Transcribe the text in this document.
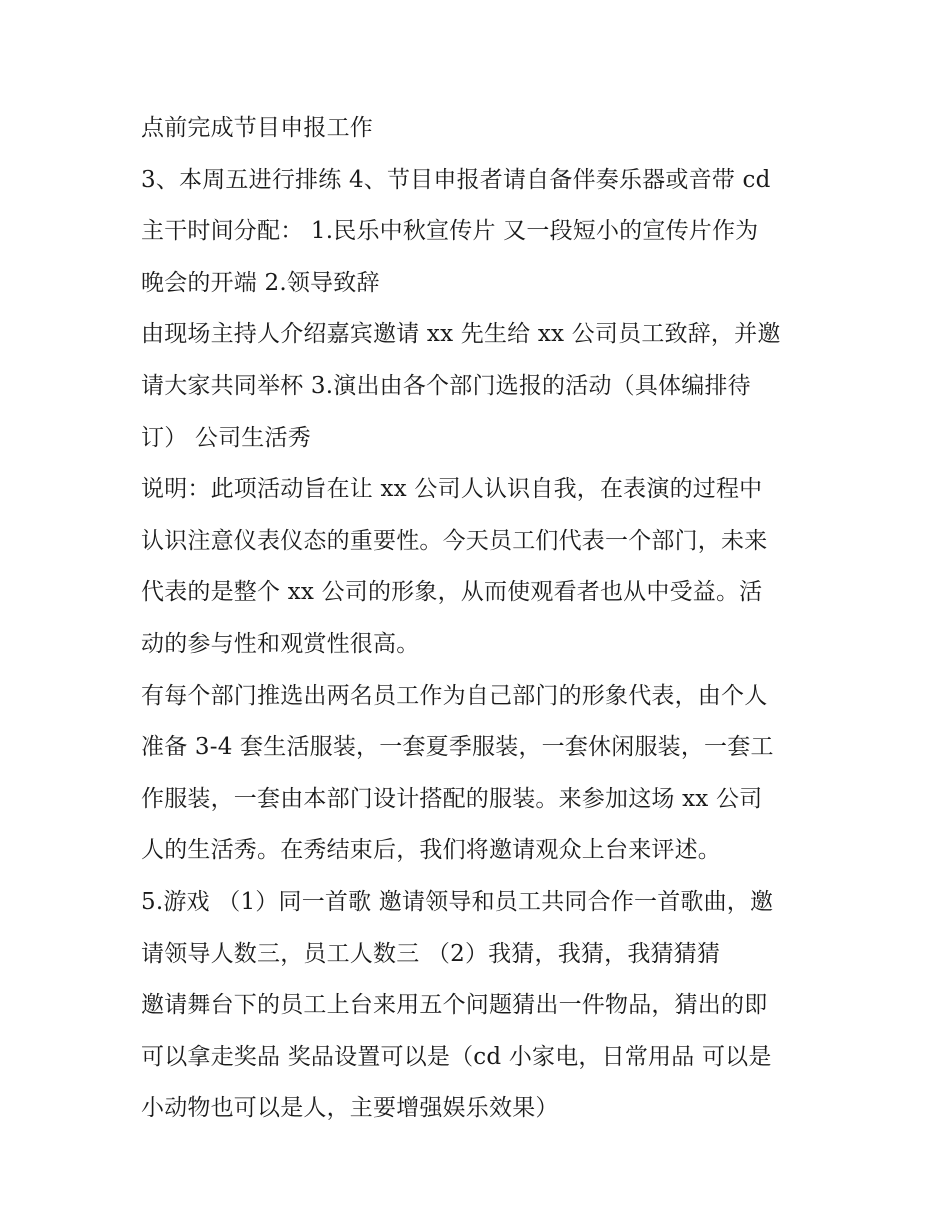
点前完成节目申报工作
3、本周五进行排练 4、节目申报者请自备伴奏乐器或音带 cd
主干时间分配： 1.民乐中秋宣传片 又一段短小的宣传片作为
晚会的开端 2.领导致辞
由现场主持人介绍嘉宾邀请 xx 先生给 xx 公司员工致辞，并邀
请大家共同举杯 3.演出由各个部门选报的活动（具体编排待
订） 公司生活秀
说明：此项活动旨在让 xx 公司人认识自我，在表演的过程中
认识注意仪表仪态的重要性。今天员工们代表一个部门，未来
代表的是整个 xx 公司的形象，从而使观看者也从中受益。活
动的参与性和观赏性很高。
有每个部门推选出两名员工作为自己部门的形象代表，由个人
准备 3-4 套生活服装，一套夏季服装，一套休闲服装，一套工
作服装，一套由本部门设计搭配的服装。来参加这场 xx 公司
人的生活秀。在秀结束后，我们将邀请观众上台来评述。
5.游戏 （1）同一首歌 邀请领导和员工共同合作一首歌曲，邀
请领导人数三，员工人数三 （2）我猜，我猜，我猜猜猜
邀请舞台下的员工上台来用五个问题猜出一件物品，猜出的即
可以拿走奖品 奖品设置可以是（cd 小家电，日常用品 可以是
小动物也可以是人，主要增强娱乐效果）
